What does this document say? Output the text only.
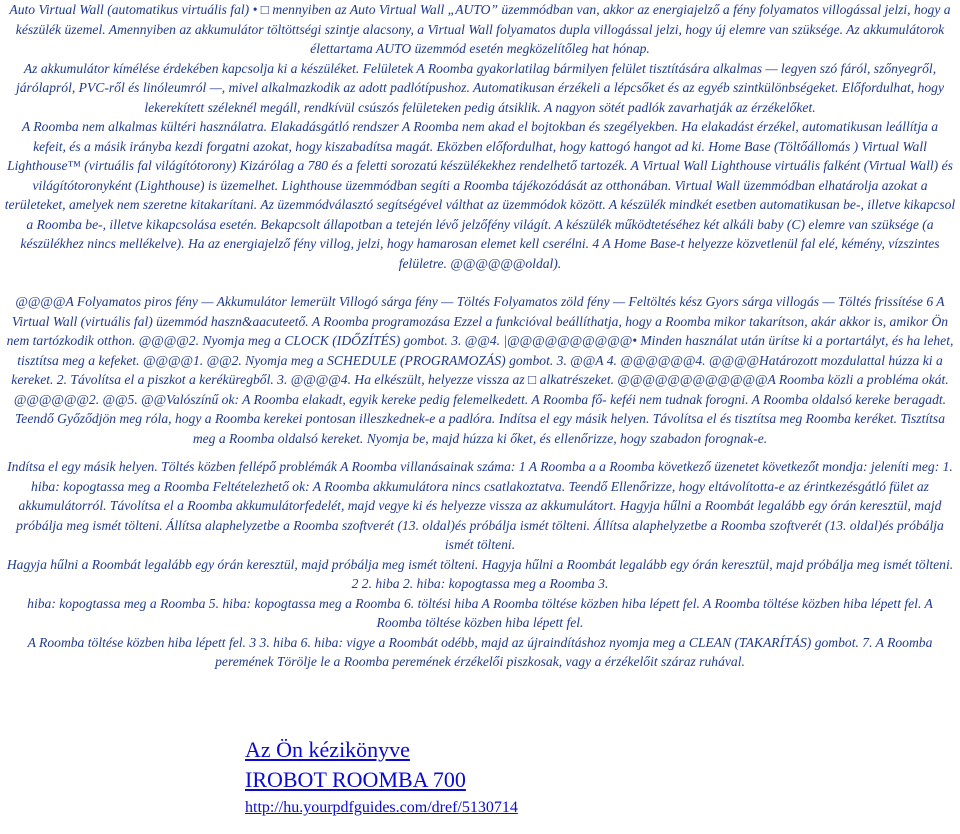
Auto Virtual Wall (automatikus virtuális fal) • □ mennyiben az Auto Virtual Wall „AUTO” üzemmódban van, akkor az energiajelző a fény folyamatos villogással jelzi, hogy a készülék üzemel. Amennyiben az akkumulátor töltöttségi szintje alacsony, a Virtual Wall folyamatos dupla villogással jelzi, hogy új elemre van szüksége. Az akkumulátorok élettartama AUTO üzemmód esetén megközelítőleg hat hónap.

Az akkumulátor kímélése érdekében kapcsolja ki a készüléket. Felületek A Roomba gyakorlatilag bármilyen felület tisztítására alkalmas — legyen szó fáról, szőnyegről, járólapról, PVC-ről és linóleumról —, mivel alkalmazkodik az adott padlótípushoz. Automatikusan érzékeli a lépcsőket és az egyéb szintkülönbségeket. Előfordulhat, hogy lekerekített széleknél megáll, rendkívül csúszós felületeken pedig átsiklik. A nagyon sötét padlók zavarhatják az érzékelőket.

A Roomba nem alkalmas kültéri használatra. Elakadásgátló rendszer A Roomba nem akad el bojtokban és szegélyekben. Ha elakadást érzékel, automatikusan leállítja a kefeit, és a másik irányba kezdi forgatni azokat, hogy kiszabadítsa magát. Eközben előfordulhat, hogy kattogó hangot ad ki. Home Base (Töltőállomás ) Virtual Wall Lighthouse™ (virtuális fal világítótorony) Kizárólag a 780 és a feletti sorozatú készülékekhez rendelhető tartozék. A Virtual Wall Lighthouse virtuális falként (Virtual Wall) és világítótoronyként (Lighthouse) is üzemelhet. Lighthouse üzemmódban segíti a Roomba tájékozódását az otthonában. Virtual Wall üzemmódban elhatárolja azokat a területeket, amelyek nem szeretne kitakarítani. Az üzemmódválasztó segítségével válthat az üzemmódok között. A készülék mindkét esetben automatikusan be-, illetve kikapcsol a Roomba be-, illetve kikapcsolása esetén. Bekapcsolt állapotban a tetején lévő jelzőfény világít. A készülék működtetéséhez két alkáli baby (C) elemre van szüksége (a készülékhez nincs mellékelve). Ha az energiajelző fény villog, jelzi, hogy hamarosan elemet kell cserélni. 4 A Home Base-t helyezze közvetlenül fal elé, kémény, vízszintes felületre. @@@@@@oldal).

@@@@A Folyamatos piros fény — Akkumulátor lemerült Villogó sárga fény — Töltés Folyamatos zöld fény — Feltöltés kész Gyors sárga villogás — Töltés frissítése 6 A Virtual Wall (virtuális fal) üzemmód haszn&aacuteető. A Roomba programozása Ezzel a funkcióval beállíthatja, hogy a Roomba mikor takarítson, akár akkor is, amikor Ön nem tartózkodik otthon. @@@@2. Nyomja meg a CLOCK (IDŐZÍTÉS) gombot. 3. @@4. |@@@@@@@@@@• Minden használat után ürítse ki a portartályt, és ha lehet, tisztítsa meg a kefeket. @@@@1. @@2. Nyomja meg a SCHEDULE (PROGRAMOZÁS) gombot. 3. @@A 4. @@@@@@4. @@@@Határozott mozdulattal húzza ki a kereket. 2. Távolítsa el a piszkot a keréküregből. 3. @@@@4. Ha elkészült, helyezze vissza az □ alkatrészeket. @@@@@@@@@@@@A Roomba közli a probléma okát.

@@@@@@2. @@5. @@Valószínű ok: A Roomba elakadt, egyik kereke pedig felemelkedett. A Roomba fő- keféi nem tudnak forogni. A Roomba oldalsó kereke beragadt. Teendő Győződjön meg róla, hogy a Roomba kerekei pontosan illeszkednek-e a padlóra. Indítsa el egy másik helyen. Távolítsa el és tisztítsa meg Roomba keréket. Tisztítsa meg a Roomba oldalsó kereket. Nyomja be, majd húzza ki őket, és ellenőrizze, hogy szabadon forognak-e.

Indítsa el egy másik helyen. Töltés közben fellépő problémák A Roomba villanásainak száma: 1 A Roomba a a Roomba következő üzenetet következőt mondja: jeleníti meg: 1. hiba: kopogtassa meg a Roomba Feltételezhető ok: A Roomba akkumulátora nincs csatlakoztatva. Teendő Ellenőrizze, hogy eltávolította-e az érintkezésgátló fület az akkumulátorról. Távolítsa el a Roomba akkumulátorfedelét, majd vegye ki és helyezze vissza az akkumulátort. Hagyja hűlni a Roombát legalább egy órán keresztül, majd próbálja meg ismét tölteni. Állítsa alaphelyzetbe a Roomba szoftverét (13. oldal)és próbálja ismét tölteni. Állítsa alaphelyzetbe a Roomba szoftverét (13. oldal)és próbálja ismét tölteni.

Hagyja hűlni a Roombát legalább egy órán keresztül, majd próbálja meg ismét tölteni. Hagyja hűlni a Roombát legalább egy órán keresztül, majd próbálja meg ismét tölteni. 2 2. hiba 2. hiba: kopogtassa meg a Roomba 3.

hiba: kopogtassa meg a Roomba 5. hiba: kopogtassa meg a Roomba 6. töltési hiba A Roomba töltése közben hiba lépett fel. A Roomba töltése közben hiba lépett fel. A Roomba töltése közben hiba lépett fel.

A Roomba töltése közben hiba lépett fel. 3 3. hiba 6. hiba: vigye a Roombát odébb, majd az újraindításhoz nyomja meg a CLEAN (TAKARÍTÁS) gombot. 7. A Roomba peremének Törölje le a Roomba peremének érzékelői piszkosak, vagy a érzékelőit száraz ruhával.

Az Ön kézikönyve
IROBOT ROOMBA 700
http://hu.yourpdfguides.com/dref/5130714
